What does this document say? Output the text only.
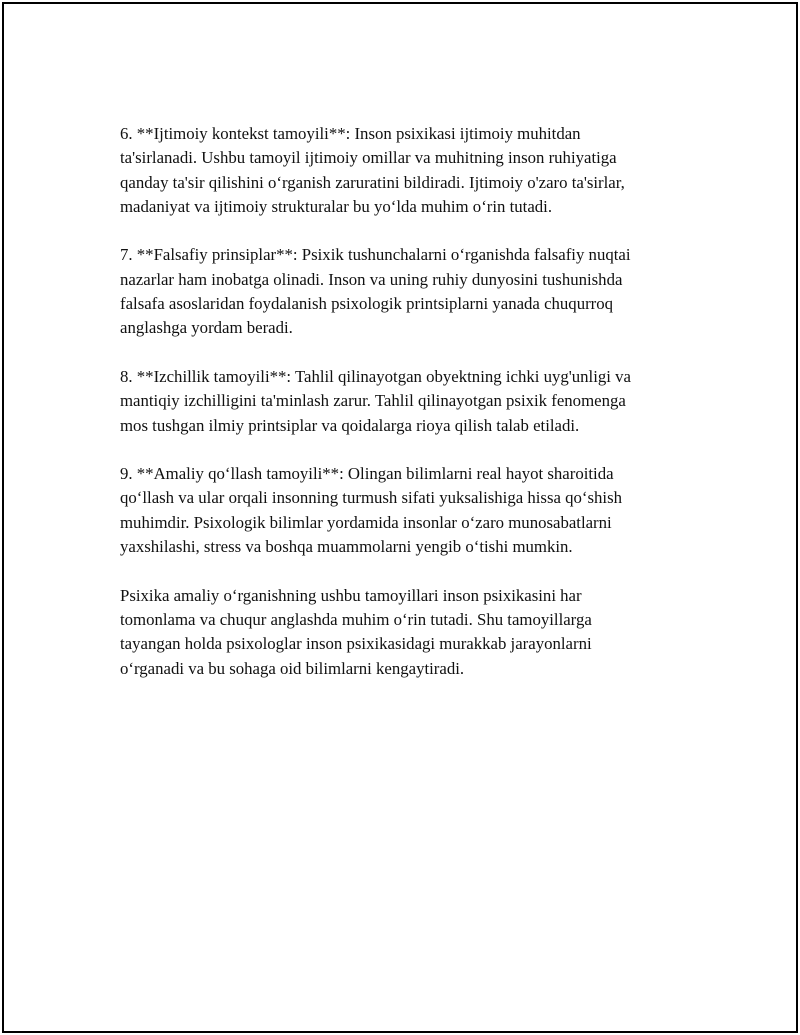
6. **Ijtimoiy kontekst tamoyili**: Inson psixikasi ijtimoiy muhitdan
ta'sirlanadi. Ushbu tamoyil ijtimoiy omillar va muhitning inson ruhiyatiga
qanday ta'sir qilishini o‘rganish zaruratini bildiradi. Ijtimoiy o'zaro ta'sirlar,
madaniyat va ijtimoiy strukturalar bu yo‘lda muhim o‘rin tutadi.

7. **Falsafiy prinsiplar**: Psixik tushunchalarni o‘rganishda falsafiy nuqtai
nazarlar ham inobatga olinadi. Inson va uning ruhiy dunyosini tushunishda
falsafa asoslaridan foydalanish psixologik printsiplarni yanada chuqurroq
anglashga yordam beradi.

8. **Izchillik tamoyili**: Tahlil qilinayotgan obyektning ichki uyg'unligi va
mantiqiy izchilligini ta'minlash zarur. Tahlil qilinayotgan psixik fenomenga
mos tushgan ilmiy printsiplar va qoidalarga rioya qilish talab etiladi.

9. **Amaliy qo‘llash tamoyili**: Olingan bilimlarni real hayot sharoitida
qo‘llash va ular orqali insonning turmush sifati yuksalishiga hissa qo‘shish
muhimdir. Psixologik bilimlar yordamida insonlar o‘zaro munosabatlarni
yaxshilashi, stress va boshqa muammolarni yengib o‘tishi mumkin.

Psixika amaliy o‘rganishning ushbu tamoyillari inson psixikasini har
tomonlama va chuqur anglashda muhim o‘rin tutadi. Shu tamoyillarga
tayangan holda psixologlar inson psixikasidagi murakkab jarayonlarni
o‘rganadi va bu sohaga oid bilimlarni kengaytiradi.
